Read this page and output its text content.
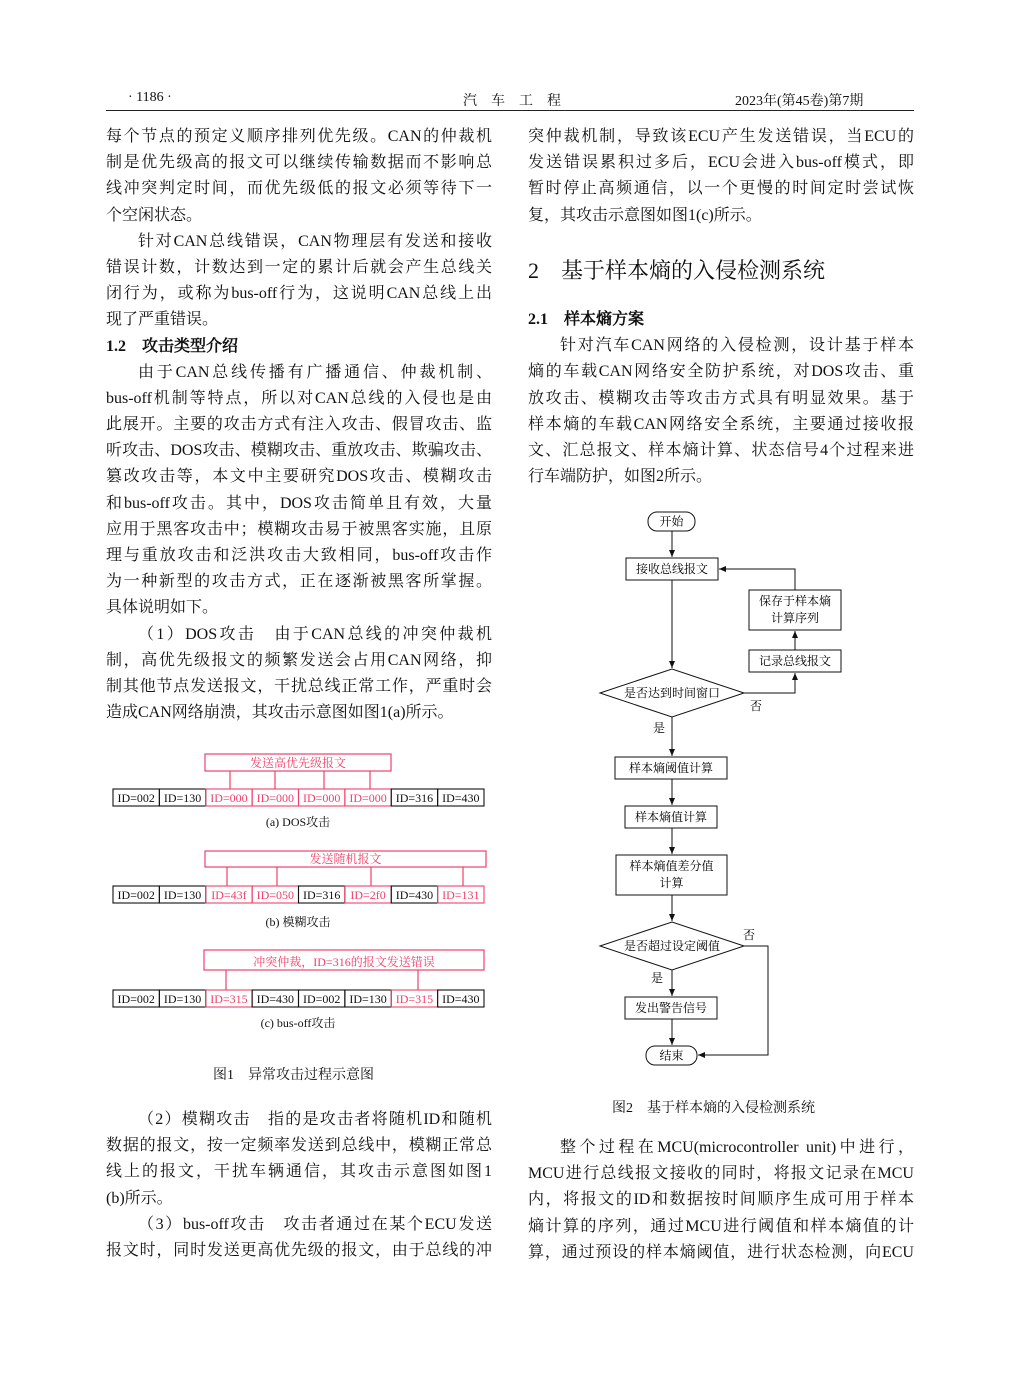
· 1186 ·	汽　车　工　程	2023年(第45卷)第7期
每个节点的预定义顺序排列优先级。CAN的仲裁机
制是优先级高的报文可以继续传输数据而不影响总
线冲突判定时间，而优先级低的报文必须等待下一
个空闲状态。
针对CAN总线错误，CAN物理层有发送和接收
错误计数，计数达到一定的累计后就会产生总线关
闭行为，或称为bus-off行为，这说明CAN总线上出
现了严重错误。
1.2　攻击类型介绍
由于CAN总线传播有广播通信、仲裁机制、
bus-off机制等特点，所以对CAN总线的入侵也是由
此展开。主要的攻击方式有注入攻击、假冒攻击、监
听攻击、DOS攻击、模糊攻击、重放攻击、欺骗攻击、
篡改攻击等，本文中主要研究DOS攻击、模糊攻击
和bus-off攻击。其中，DOS攻击简单且有效，大量
应用于黑客攻击中；模糊攻击易于被黑客实施，且原
理与重放攻击和泛洪攻击大致相同，bus-off攻击作
为一种新型的攻击方式，正在逐渐被黑客所掌握。
具体说明如下。
（1）DOS攻击　由于CAN总线的冲突仲裁机
制，高优先级报文的频繁发送会占用CAN网络，抑
制其他节点发送报文，干扰总线正常工作，严重时会
造成CAN网络崩溃，其攻击示意图如图1(a)所示。
（2）模糊攻击　指的是攻击者将随机ID和随机
数据的报文，按一定频率发送到总线中，模糊正常总
线上的报文，干扰车辆通信，其攻击示意图如图1
(b)所示。
（3）bus-off攻击　攻击者通过在某个ECU发送
报文时，同时发送更高优先级的报文，由于总线的冲
突仲裁机制，导致该ECU产生发送错误，当ECU的
发送错误累积过多后，ECU会进入bus-off模式，即
暂时停止高频通信，以一个更慢的时间定时尝试恢
复，其攻击示意图如图1(c)所示。
2　基于样本熵的入侵检测系统
2.1　样本熵方案
针对汽车CAN网络的入侵检测，设计基于样本
熵的车载CAN网络安全防护系统，对DOS攻击、重
放攻击、模糊攻击等攻击方式具有明显效果。基于
样本熵的车载CAN网络安全系统，主要通过接收报
文、汇总报文、样本熵计算、状态信号4个过程来进
行车端防护，如图2所示。
整个过程在MCU(microcontroller unit)中进行，
MCU进行总线报文接收的同时，将报文记录在MCU
内，将报文的ID和数据按时间顺序生成可用于样本
熵计算的序列，通过MCU进行阈值和样本熵值的计
算，通过预设的样本熵阈值，进行状态检测，向ECU
发送高优先级报文
ID=002 ID=130 ID=000 ID=000 ID=000 ID=000 ID=316 ID=430
(a) DOS攻击
发送随机报文
ID=002 ID=130 ID=43f ID=050 ID=316 ID=2f0 ID=430 ID=131
(b) 模糊攻击
冲突仲裁，ID=316的报文发送错误
ID=002 ID=130 ID=315 ID=430 ID=002 ID=130 ID=315 ID=430
(c) bus-off攻击
图1　异常攻击过程示意图
开始
接收总线报文
保存于样本熵
计算序列
记录总线报文
是否达到时间窗口
否
是
样本熵阈值计算
样本熵值计算
样本熵值差分值
计算
是否超过设定阈值
否
是
发出警告信号
结束
图2　基于样本熵的入侵检测系统
